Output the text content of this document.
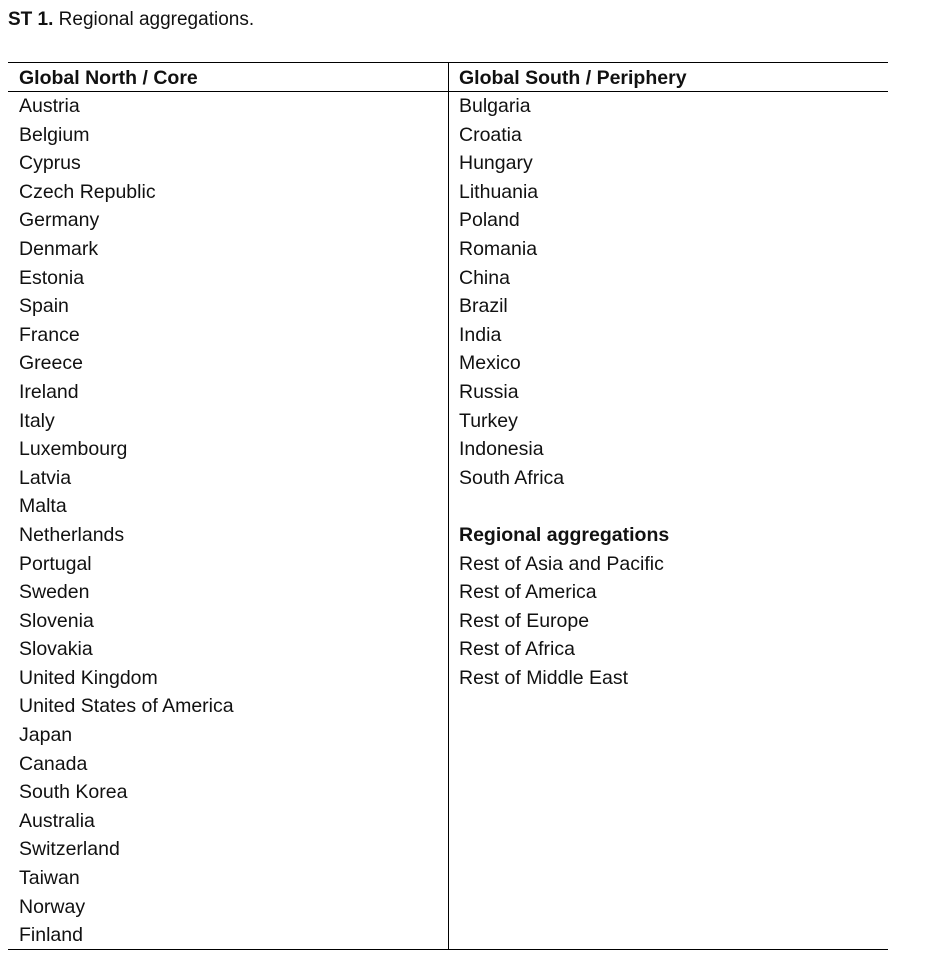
ST 1. Regional aggregations.
Global North / Core
Austria
Belgium
Cyprus
Czech Republic
Germany
Denmark
Estonia
Spain
France
Greece
Ireland
Italy
Luxembourg
Latvia
Malta
Netherlands
Portugal
Sweden
Slovenia
Slovakia
United Kingdom
United States of America
Japan
Canada
South Korea
Australia
Switzerland
Taiwan
Norway
Finland
Global South / Periphery
Bulgaria
Croatia
Hungary
Lithuania
Poland
Romania
China
Brazil
India
Mexico
Russia
Turkey
Indonesia
South Africa
Regional aggregations
Rest of Asia and Pacific
Rest of America
Rest of Europe
Rest of Africa
Rest of Middle East
